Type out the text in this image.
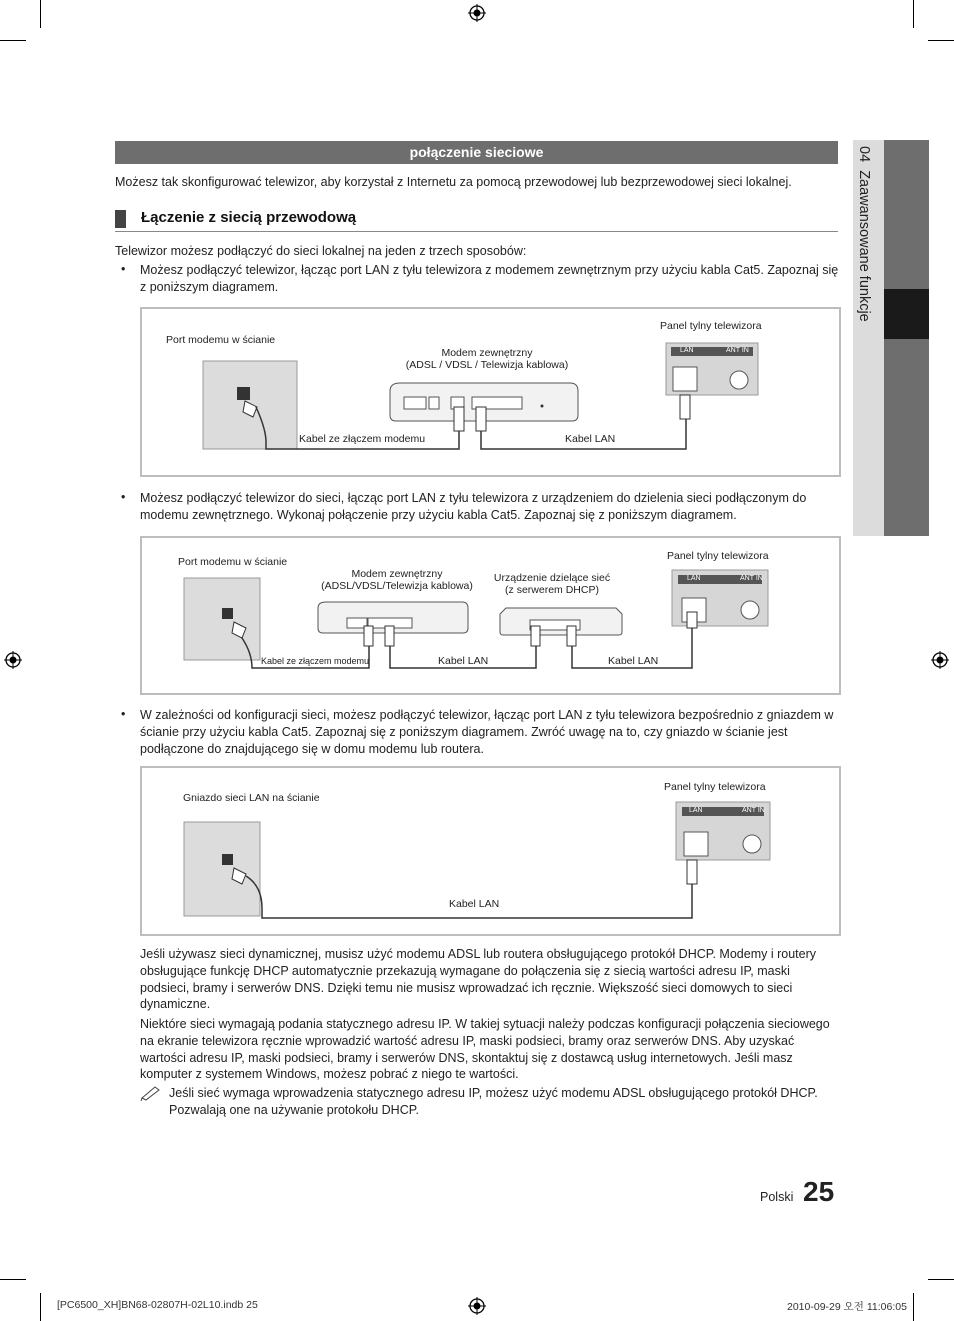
04  Zaawansowane funkcje
połączenie sieciowe
Możesz tak skonfigurować telewizor, aby korzystał z Internetu za pomocą przewodowej lub bezprzewodowej sieci lokalnej.
Łączenie z siecią przewodową
Telewizor możesz podłączyć do sieci lokalnej na jeden z trzech sposobów:
• Możesz podłączyć telewizor, łącząc port LAN z tyłu telewizora z modemem zewnętrznym przy użyciu kabla Cat5. Zapoznaj się z poniższym diagramem.
Port modemu w ścianie
Modem zewnętrzny
(ADSL / VDSL / Telewizja kablowa)
Panel tylny telewizora
LAN	ANT IN
Kabel ze złączem modemu	Kabel LAN
• Możesz podłączyć telewizor do sieci, łącząc port LAN z tyłu telewizora z urządzeniem do dzielenia sieci podłączonym do modemu zewnętrznego. Wykonaj połączenie przy użyciu kabla Cat5. Zapoznaj się z poniższym diagramem.
Port modemu w ścianie
Modem zewnętrzny
(ADSL/VDSL/Telewizja kablowa)
Urządzenie dzielące sieć
(z serwerem DHCP)
Panel tylny telewizora
LAN	ANT IN
Kabel ze złączem modemu	Kabel LAN	Kabel LAN
• W zależności od konfiguracji sieci, możesz podłączyć telewizor, łącząc port LAN z tyłu telewizora bezpośrednio z gniazdem w ścianie przy użyciu kabla Cat5. Zapoznaj się z poniższym diagramem. Zwróć uwagę na to, czy gniazdo w ścianie jest podłączone do znajdującego się w domu modemu lub routera.
Gniazdo sieci LAN na ścianie
Panel tylny telewizora
LAN	ANT IN
Kabel LAN
Jeśli używasz sieci dynamicznej, musisz użyć modemu ADSL lub routera obsługującego protokół DHCP. Modemy i routery obsługujące funkcję DHCP automatycznie przekazują wymagane do połączenia się z siecią wartości adresu IP, maski podsieci, bramy i serwerów DNS. Dzięki temu nie musisz wprowadzać ich ręcznie. Większość sieci domowych to sieci dynamiczne.
Niektóre sieci wymagają podania statycznego adresu IP. W takiej sytuacji należy podczas konfiguracji połączenia sieciowego na ekranie telewizora ręcznie wprowadzić wartość adresu IP, maski podsieci, bramy oraz serwerów DNS. Aby uzyskać wartości adresu IP, maski podsieci, bramy i serwerów DNS, skontaktuj się z dostawcą usług internetowych. Jeśli masz komputer z systemem Windows, możesz pobrać z niego te wartości.
Jeśli sieć wymaga wprowadzenia statycznego adresu IP, możesz użyć modemu ADSL obsługującego protokół DHCP. Pozwalają one na używanie protokołu DHCP.
Polski 25
[PC6500_XH]BN68-02807H-02L10.indb 25	2010-09-29 오전 11:06:05
